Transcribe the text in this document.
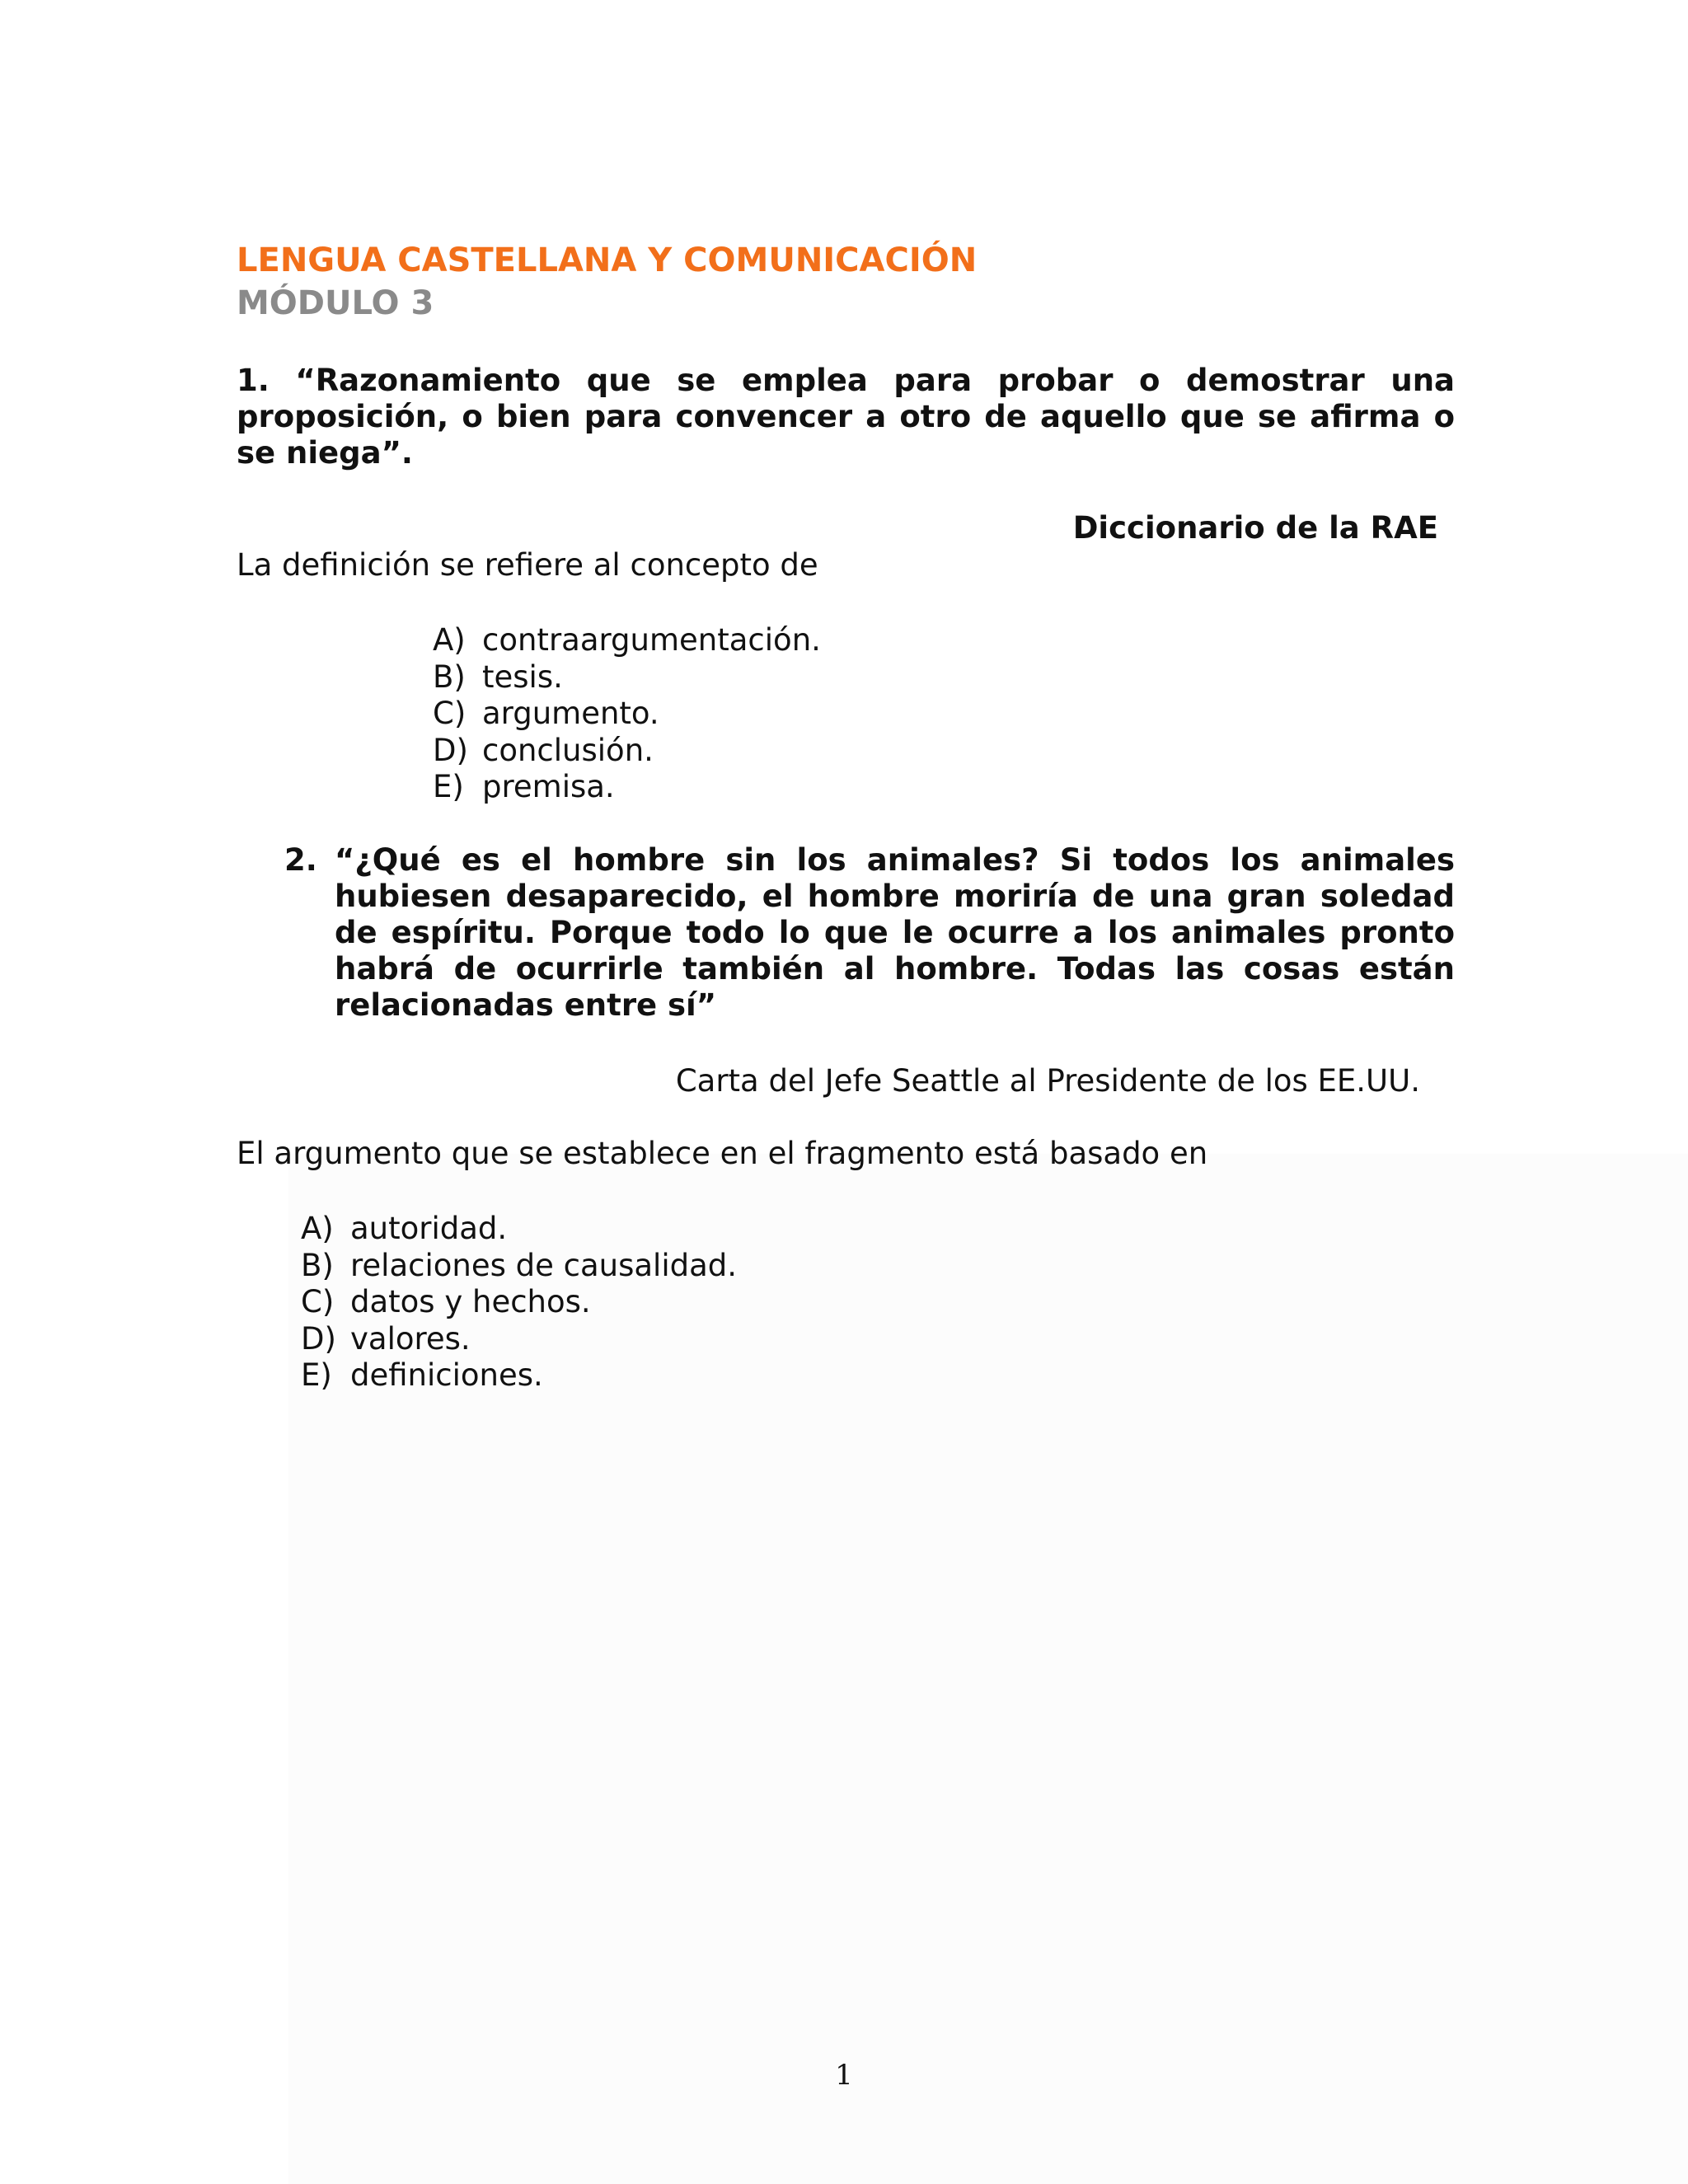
LENGUA CASTELLANA Y COMUNICACIÓN
MÓDULO 3
1. “Razonamiento que se emplea para probar o demostrar una proposición, o bien para convencer a otro de aquello que se afirma o se niega”.
Diccionario de la RAE
La definición se refiere al concepto de
A) contraargumentación.
B) tesis.
C) argumento.
D) conclusión.
E) premisa.
2. “¿Qué es el hombre sin los animales? Si todos los animales hubiesen desaparecido, el hombre moriría de una gran soledad de espíritu. Porque todo lo que le ocurre a los animales pronto habrá de ocurrirle también al hombre. Todas las cosas están relacionadas entre sí”
Carta del Jefe Seattle al Presidente de los EE.UU.
El argumento que se establece en el fragmento está basado en
A) autoridad.
B) relaciones de causalidad.
C) datos y hechos.
D) valores.
E) definiciones.
1
